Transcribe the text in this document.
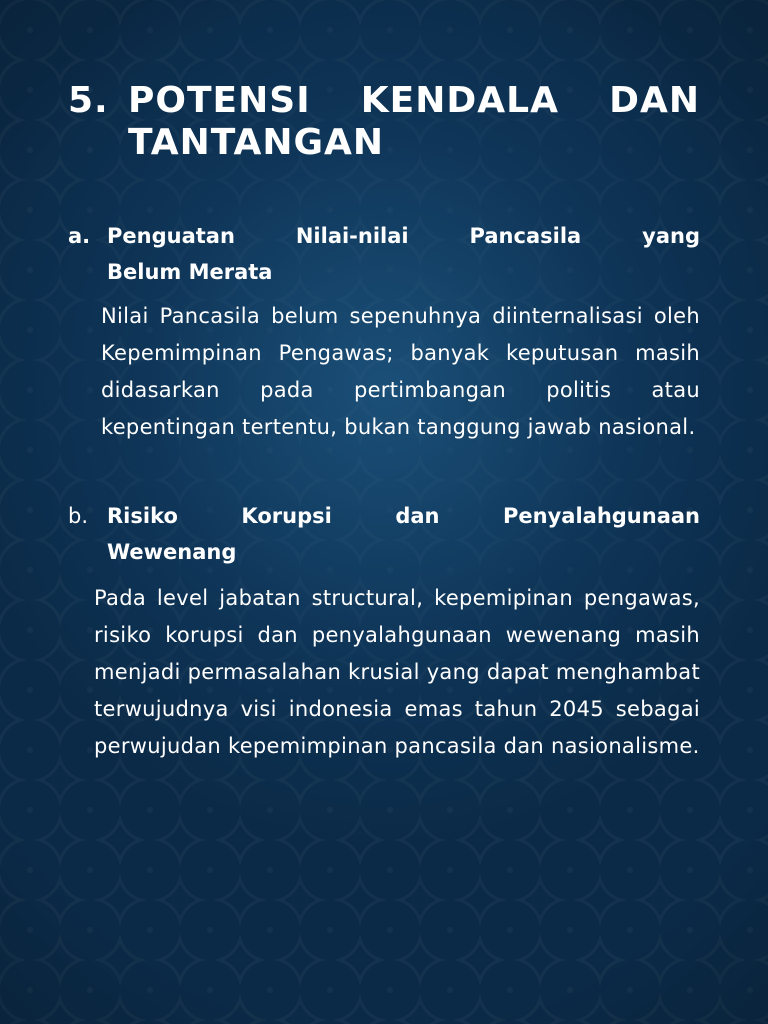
5. POTENSI KENDALA DAN
TANTANGAN
a. Penguatan Nilai-nilai Pancasila yang
Belum Merata
Nilai Pancasila belum sepenuhnya diinternalisasi oleh Kepemimpinan Pengawas; banyak keputusan masih didasarkan pada pertimbangan politis atau kepentingan tertentu, bukan tanggung jawab nasional.
b. Risiko Korupsi dan Penyalahgunaan
Wewenang
Pada level jabatan structural, kepemipinan pengawas, risiko korupsi dan penyalahgunaan wewenang masih menjadi permasalahan krusial yang dapat menghambat terwujudnya visi indonesia emas tahun 2045 sebagai perwujudan kepemimpinan pancasila dan nasionalisme.
